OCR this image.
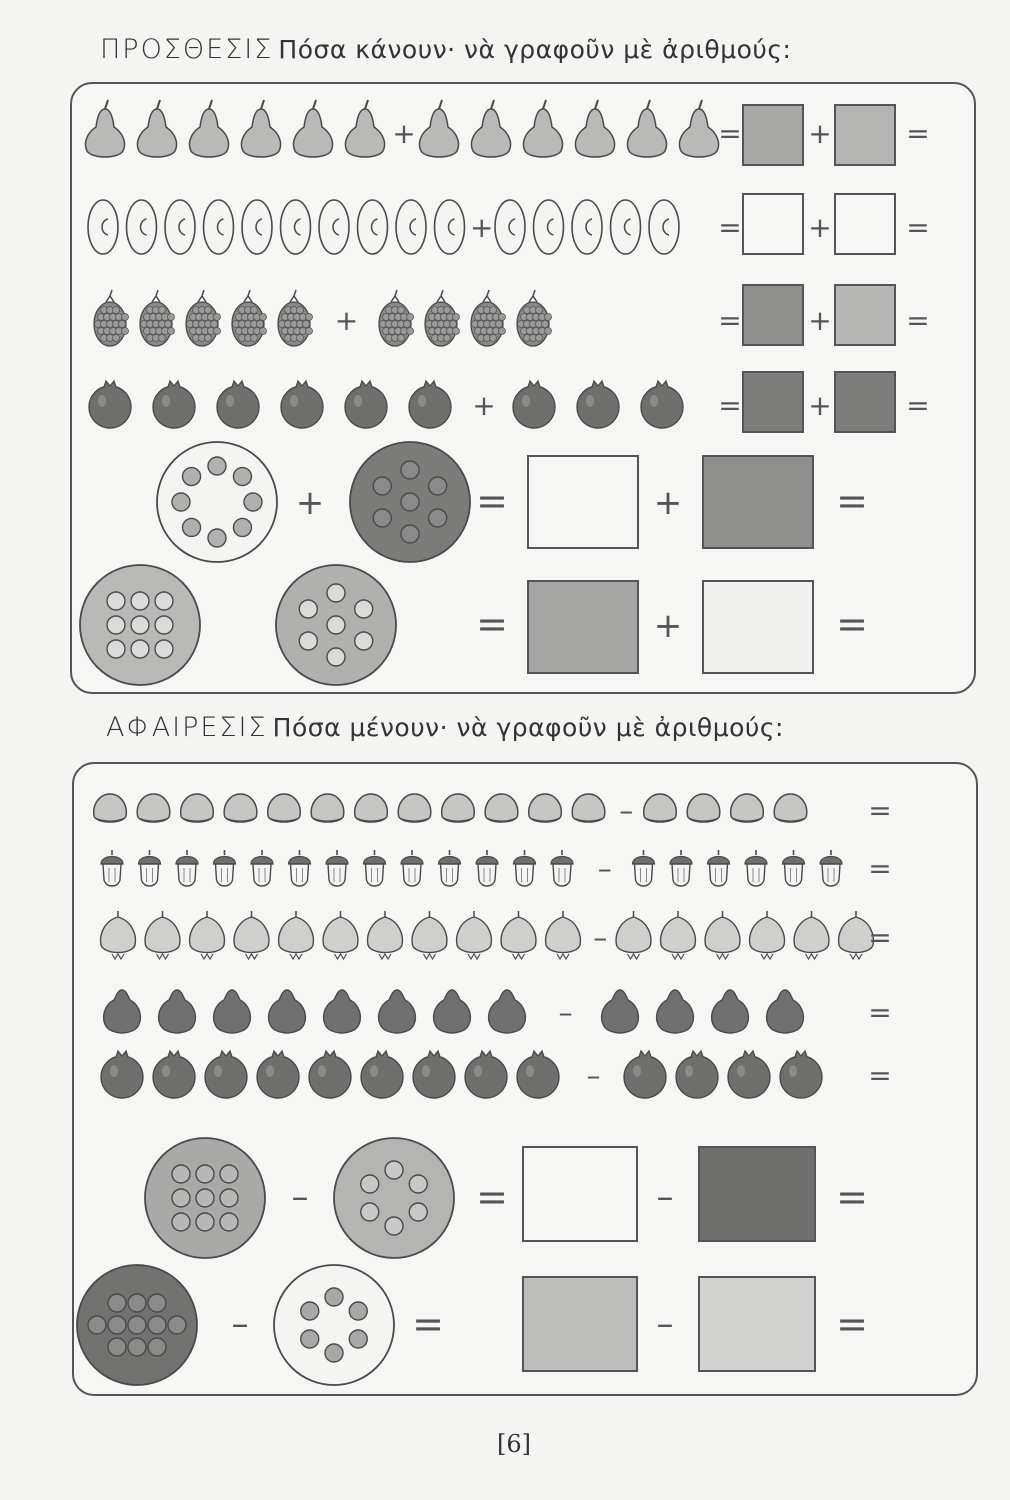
ΠΡΟΣΘΕΣΙΣ Πόσα κάνουν· νὰ γραφοῦν μὲ ἀριθμούς:
ΑΦΑΙΡΕΣΙΣ Πόσα μένουν· νὰ γραφοῦν μὲ ἀριθμούς:
+	= +	=
+	= +	=
+	= +	=
+	= +	=
+	=	+	=
=	+	=
–	=
–	=
–	=
–	=
–	=
–	=	–	=
–	=	–	=
[6]
